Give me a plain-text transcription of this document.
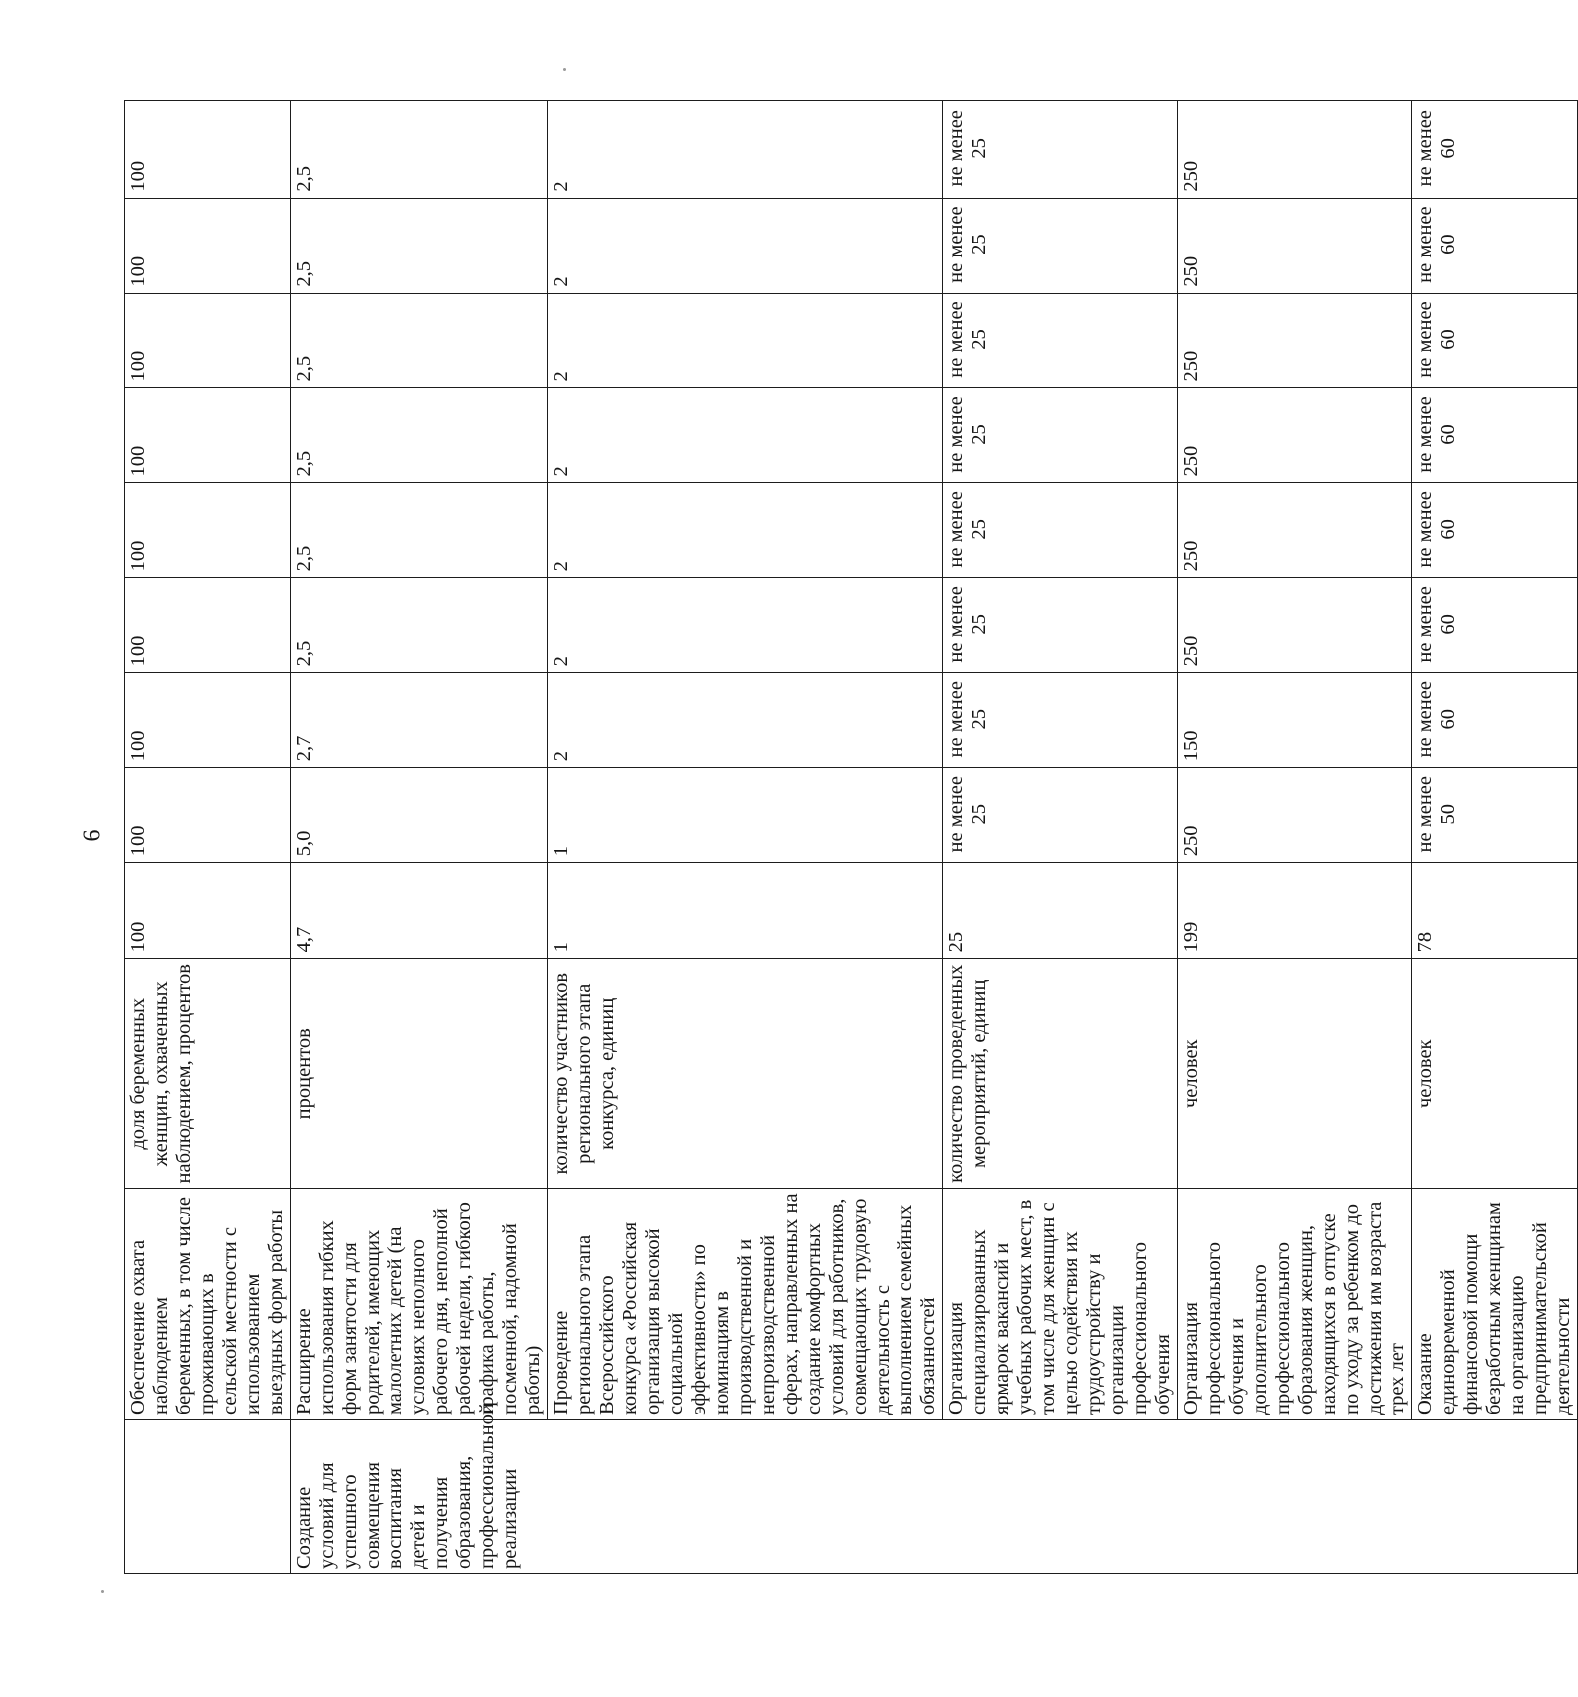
6
	Обеспечение охвата наблюдением беременных, в том числе проживающих в сельской местности с использованием выездных форм работы	доля беременных женщин, охваченных наблюдением, процентов	100	100	100	100	100	100	100	100	100
Создание условий для успешного совмещения воспитания детей и получения образования, профессиональной реализации	Расширение использования гибких форм занятости для родителей, имеющих малолетних детей (на условиях неполного рабочего дня, неполной рабочей недели, гибкого графика работы, посменной, надомной работы)	процентов	4,7	5,0	2,7	2,5	2,5	2,5	2,5	2,5	2,5
	Проведение регионального этапа Всероссийского конкурса «Российская организация высокой социальной эффективности» по номинациям в производственной и непроизводственной сферах, направленных на создание комфортных условий для работников, совмещающих трудовую деятельность с выполнением семейных обязанностей	количество участников регионального этапа конкурса, единиц	1	1	2	2	2	2	2	2	2
	Организация специализированных ярмарок вакансий и учебных рабочих мест, в том числе для женщин с целью содействия их трудоустройству и организации профессионального обучения	количество проведенных мероприятий, единиц	25	не менее 25	не менее 25	не менее 25	не менее 25	не менее 25	не менее 25	не менее 25	не менее 25
	Организация профессионального обучения и дополнительного профессионального образования женщин, находящихся в отпуске по уходу за ребенком до достижения им возраста трех лет	человек	199	250	150	250	250	250	250	250	250
	Оказание единовременной финансовой помощи безработным женщинам на организацию предпринимательской деятельности	человек	78	не менее 50	не менее 60	не менее 60	не менее 60	не менее 60	не менее 60	не менее 60	не менее 60
